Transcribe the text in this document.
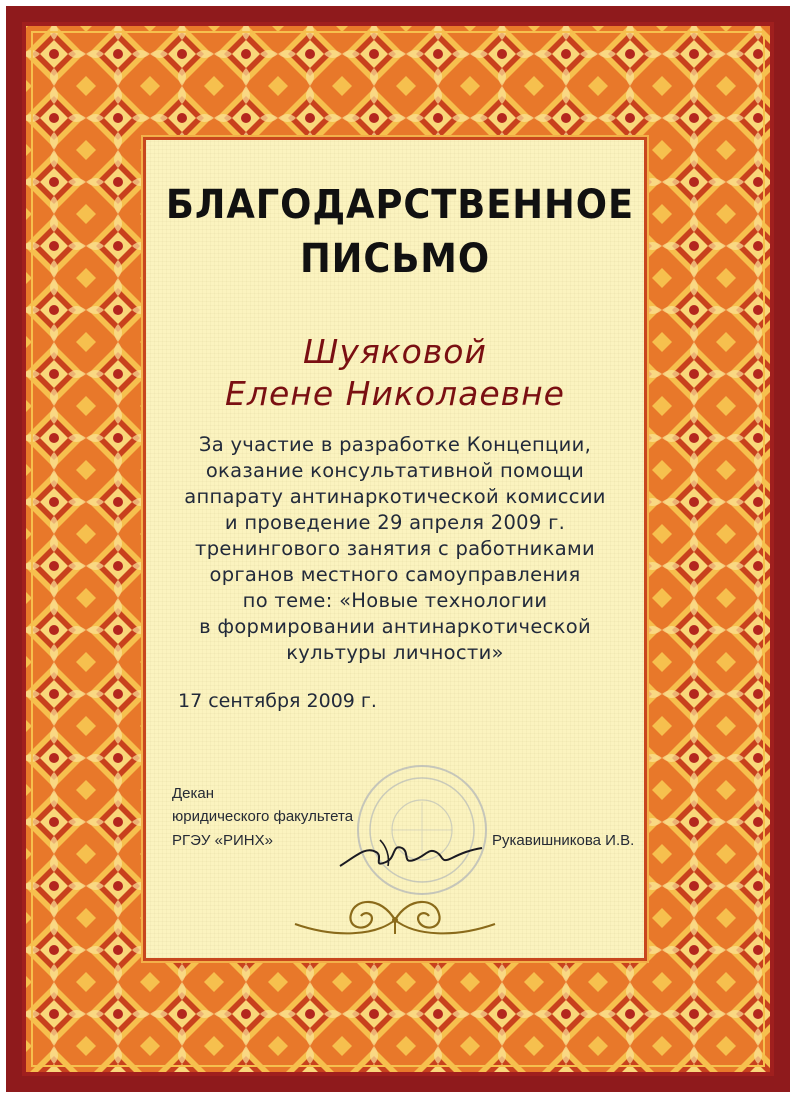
БЛАГОДАРСТВЕННОЕ
ПИСЬМО
Шуяковой
Елене Николаевне
За участие в разработке Концепции,
оказание консультативной помощи
аппарату антинаркотической комиссии
и проведение 29 апреля 2009 г.
тренингового занятия с работниками
органов местного самоуправления
по теме: «Новые технологии
в формировании антинаркотической
культуры личности»
17 сентября 2009 г.
Декан
юридического факультета
РГЭУ «РИНХ»	Рукавишникова И.В.
